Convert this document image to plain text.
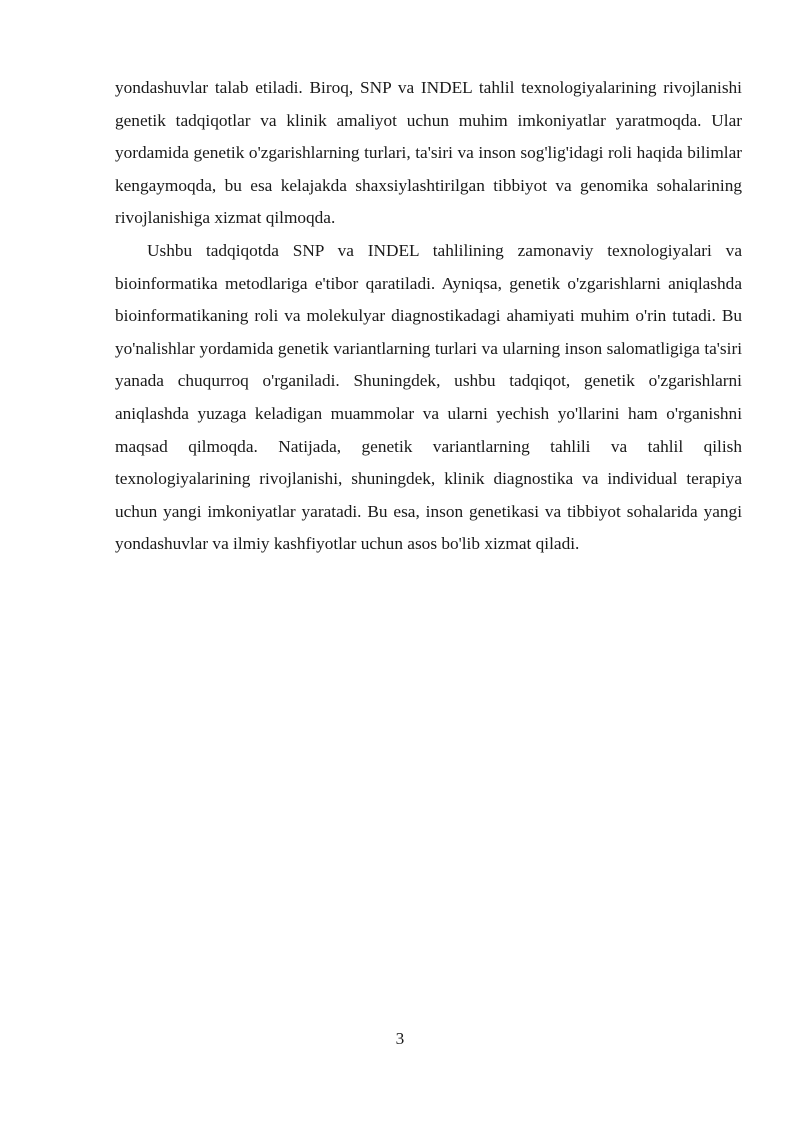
yondashuvlar talab etiladi. Biroq, SNP va INDEL tahlil texnologiyalarining rivojlanishi genetik tadqiqotlar va klinik amaliyot uchun muhim imkoniyatlar yaratmoqda. Ular yordamida genetik o'zgarishlarning turlari, ta'siri va inson sog'lig'idagi roli haqida bilimlar kengaymoqda, bu esa kelajakda shaxsiylashtirilgan tibbiyot va genomika sohalarining rivojlanishiga xizmat qilmoqda.

Ushbu tadqiqotda SNP va INDEL tahlilining zamonaviy texnologiyalari va bioinformatika metodlariga e'tibor qaratiladi. Ayniqsa, genetik o'zgarishlarni aniqlashda bioinformatikaning roli va molekulyar diagnostikadagi ahamiyati muhim o'rin tutadi. Bu yo'nalishlar yordamida genetik variantlarning turlari va ularning inson salomatligiga ta'siri yanada chuqurroq o'rganiladi. Shuningdek, ushbu tadqiqot, genetik o'zgarishlarni aniqlashda yuzaga keladigan muammolar va ularni yechish yo'llarini ham o'rganishni maqsad qilmoqda. Natijada, genetik variantlarning tahlili va tahlil qilish texnologiyalarining rivojlanishi, shuningdek, klinik diagnostika va individual terapiya uchun yangi imkoniyatlar yaratadi. Bu esa, inson genetikasi va tibbiyot sohalarida yangi yondashuvlar va ilmiy kashfiyotlar uchun asos bo'lib xizmat qiladi.

3
